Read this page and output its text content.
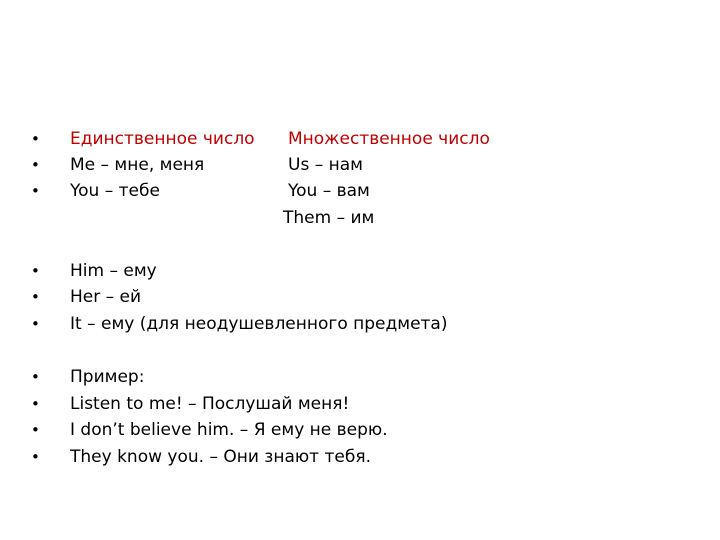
• Единственное число Множественное число
• Me – мне, меня	Us – нам
• You – тебе	You – вам
Them – им
• Him – ему
• Her – ей
• It – ему (для неодушевленного предмета)
• Пример:
• Listen to me! – Послушай меня!
• I don’t believe him. – Я ему не верю.
• They know you. – Они знают тебя.
